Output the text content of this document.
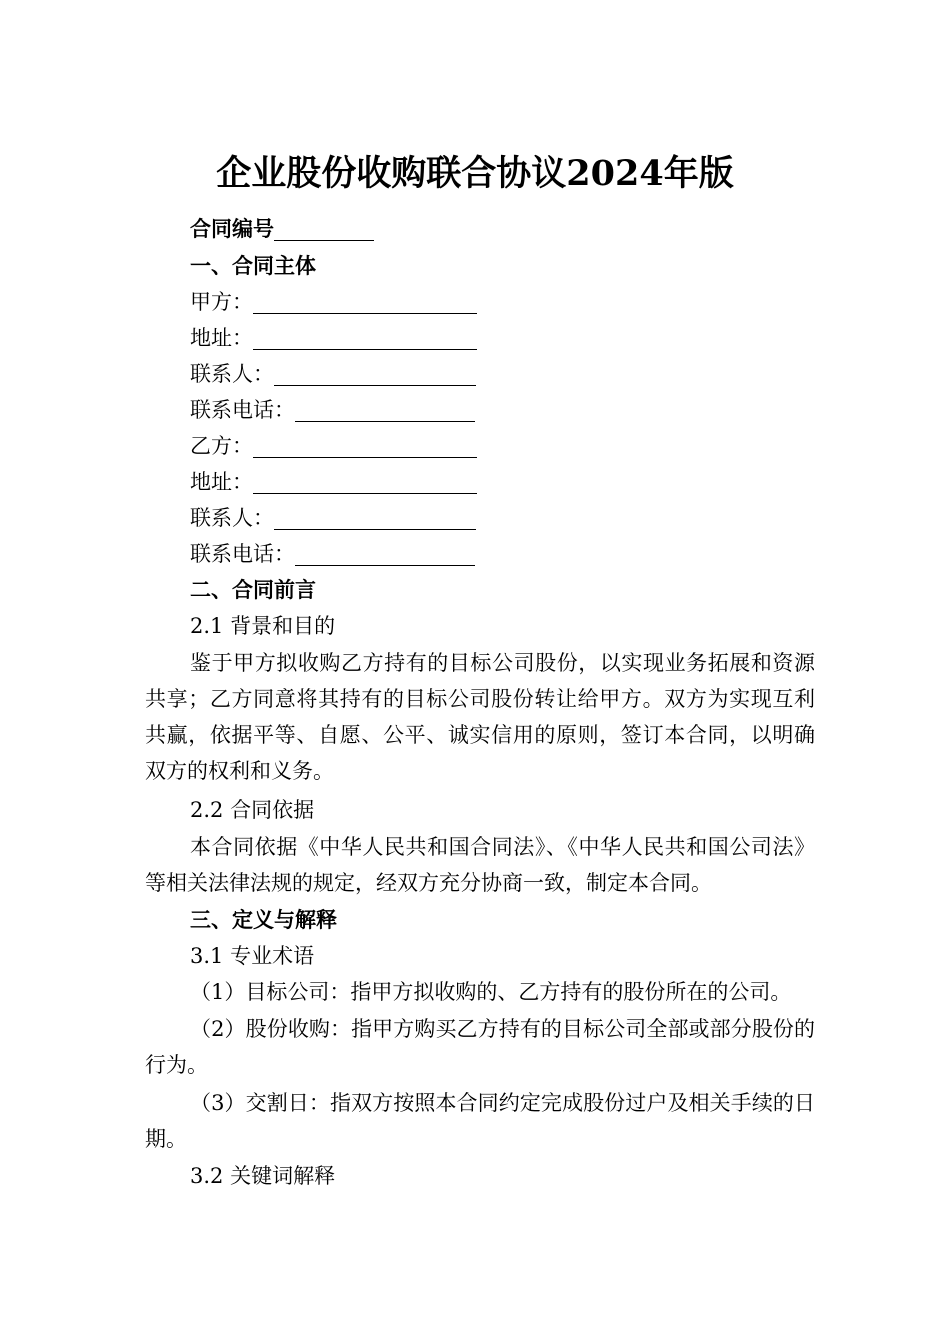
企业股份收购联合协议2024年版
合同编号
一、合同主体
甲方：
地址：
联系人：
联系电话：
乙方：
地址：
联系人：
联系电话：
二、合同前言
2.1 背景和目的
鉴于甲方拟收购乙方持有的目标公司股份，以实现业务拓展和资源共享；乙方同意将其持有的目标公司股份转让给甲方。双方为实现互利共赢，依据平等、自愿、公平、诚实信用的原则，签订本合同，以明确双方的权利和义务。
2.2 合同依据
本合同依据《中华人民共和国合同法》、《中华人民共和国公司法》等相关法律法规的规定，经双方充分协商一致，制定本合同。
三、定义与解释
3.1 专业术语
（1）目标公司：指甲方拟收购的、乙方持有的股份所在的公司。
（2）股份收购：指甲方购买乙方持有的目标公司全部或部分股份的行为。
（3）交割日：指双方按照本合同约定完成股份过户及相关手续的日期。
3.2 关键词解释
